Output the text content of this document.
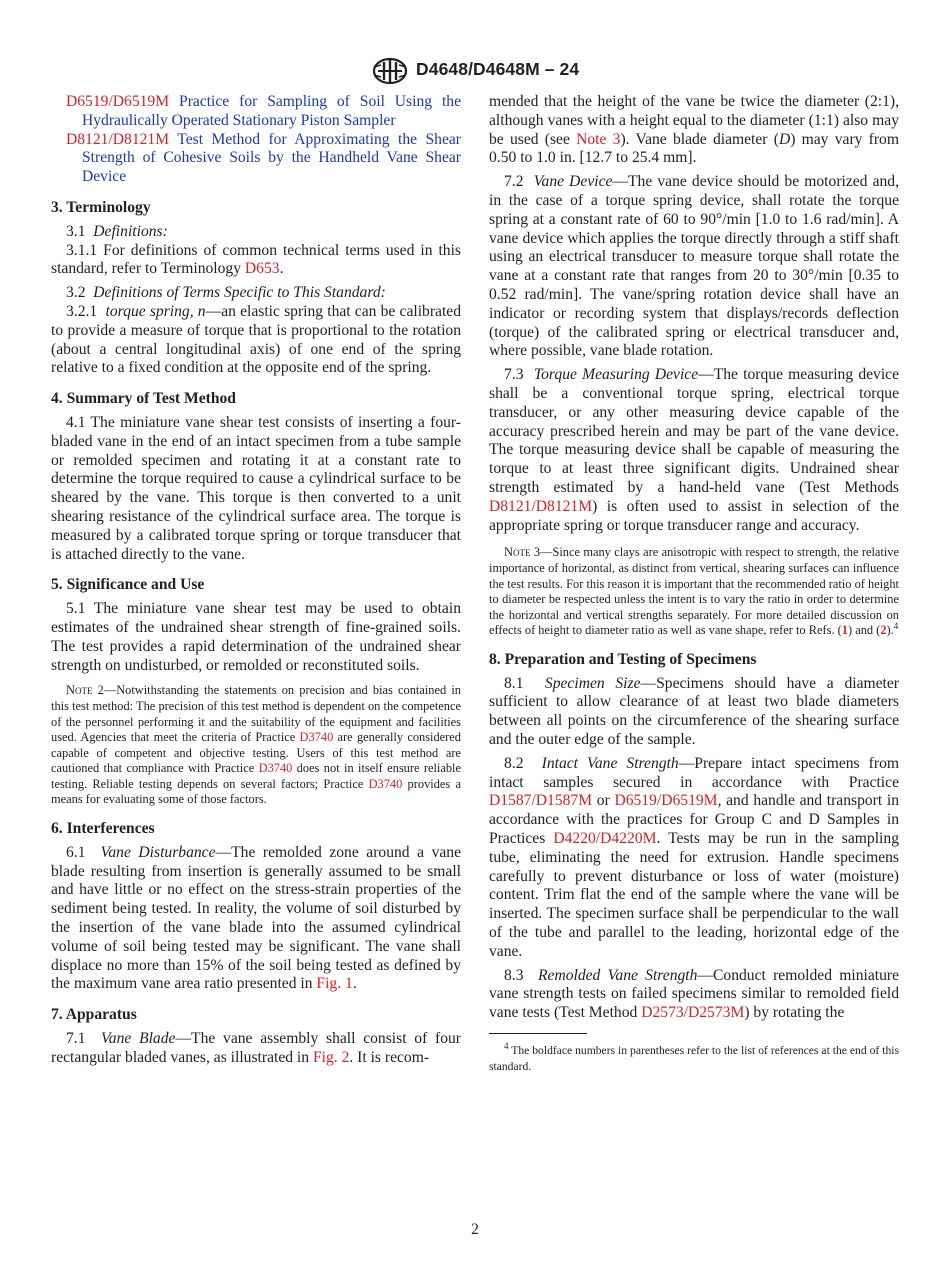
D4648/D4648M – 24

D6519/D6519M Practice for Sampling of Soil Using the Hydraulically Operated Stationary Piston Sampler

D8121/D8121M Test Method for Approximating the Shear Strength of Cohesive Soils by the Handheld Vane Shear Device

3. Terminology

3.1 Definitions:

3.1.1 For definitions of common technical terms used in this standard, refer to Terminology D653.

3.2 Definitions of Terms Specific to This Standard:

3.2.1 torque spring, n—an elastic spring that can be calibrated to provide a measure of torque that is proportional to the rotation (about a central longitudinal axis) of one end of the spring relative to a fixed condition at the opposite end of the spring.

4. Summary of Test Method

4.1 The miniature vane shear test consists of inserting a four-bladed vane in the end of an intact specimen from a tube sample or remolded specimen and rotating it at a constant rate to determine the torque required to cause a cylindrical surface to be sheared by the vane. This torque is then converted to a unit shearing resistance of the cylindrical surface area. The torque is measured by a calibrated torque spring or torque transducer that is attached directly to the vane.

5. Significance and Use

5.1 The miniature vane shear test may be used to obtain estimates of the undrained shear strength of fine-grained soils. The test provides a rapid determination of the undrained shear strength on undisturbed, or remolded or reconstituted soils.

Note 2—Notwithstanding the statements on precision and bias contained in this test method: The precision of this test method is dependent on the competence of the personnel performing it and the suitability of the equipment and facilities used. Agencies that meet the criteria of Practice D3740 are generally considered capable of competent and objective testing. Users of this test method are cautioned that compliance with Practice D3740 does not in itself ensure reliable testing. Reliable testing depends on several factors; Practice D3740 provides a means for evaluating some of those factors.

6. Interferences

6.1 Vane Disturbance—The remolded zone around a vane blade resulting from insertion is generally assumed to be small and have little or no effect on the stress-strain properties of the sediment being tested. In reality, the volume of soil disturbed by the insertion of the vane blade into the assumed cylindrical volume of soil being tested may be significant. The vane shall displace no more than 15% of the soil being tested as defined by the maximum vane area ratio presented in Fig. 1.

7. Apparatus

7.1 Vane Blade—The vane assembly shall consist of four rectangular bladed vanes, as illustrated in Fig. 2. It is recom-

mended that the height of the vane be twice the diameter (2:1), although vanes with a height equal to the diameter (1:1) also may be used (see Note 3). Vane blade diameter (D) may vary from 0.50 to 1.0 in. [12.7 to 25.4 mm].

7.2 Vane Device—The vane device should be motorized and, in the case of a torque spring device, shall rotate the torque spring at a constant rate of 60 to 90°/min [1.0 to 1.6 rad/min]. A vane device which applies the torque directly through a stiff shaft using an electrical transducer to measure torque shall rotate the vane at a constant rate that ranges from 20 to 30°/min [0.35 to 0.52 rad/min]. The vane/spring rotation device shall have an indicator or recording system that displays/records deflection (torque) of the calibrated spring or electrical transducer and, where possible, vane blade rotation.

7.3 Torque Measuring Device—The torque measuring device shall be a conventional torque spring, electrical torque transducer, or any other measuring device capable of the accuracy prescribed herein and may be part of the vane device. The torque measuring device shall be capable of measuring the torque to at least three significant digits. Undrained shear strength estimated by a hand-held vane (Test Methods D8121/D8121M) is often used to assist in selection of the appropriate spring or torque transducer range and accuracy.

Note 3—Since many clays are anisotropic with respect to strength, the relative importance of horizontal, as distinct from vertical, shearing surfaces can influence the test results. For this reason it is important that the recommended ratio of height to diameter be respected unless the intent is to vary the ratio in order to determine the horizontal and vertical strengths separately. For more detailed discussion on effects of height to diameter ratio as well as vane shape, refer to Refs. (1) and (2).$^4$

8. Preparation and Testing of Specimens

8.1 Specimen Size—Specimens should have a diameter sufficient to allow clearance of at least two blade diameters between all points on the circumference of the shearing surface and the outer edge of the sample.

8.2 Intact Vane Strength—Prepare intact specimens from intact samples secured in accordance with Practice D1587/D1587M or D6519/D6519M, and handle and transport in accordance with the practices for Group C and D Samples in Practices D4220/D4220M. Tests may be run in the sampling tube, eliminating the need for extrusion. Handle specimens carefully to prevent disturbance or loss of water (moisture) content. Trim flat the end of the sample where the vane will be inserted. The specimen surface shall be perpendicular to the wall of the tube and parallel to the leading, horizontal edge of the vane.

8.3 Remolded Vane Strength—Conduct remolded miniature vane strength tests on failed specimens similar to remolded field vane tests (Test Method D2573/D2573M) by rotating the

$^4$ The boldface numbers in parentheses refer to the list of references at the end of this standard.

2
